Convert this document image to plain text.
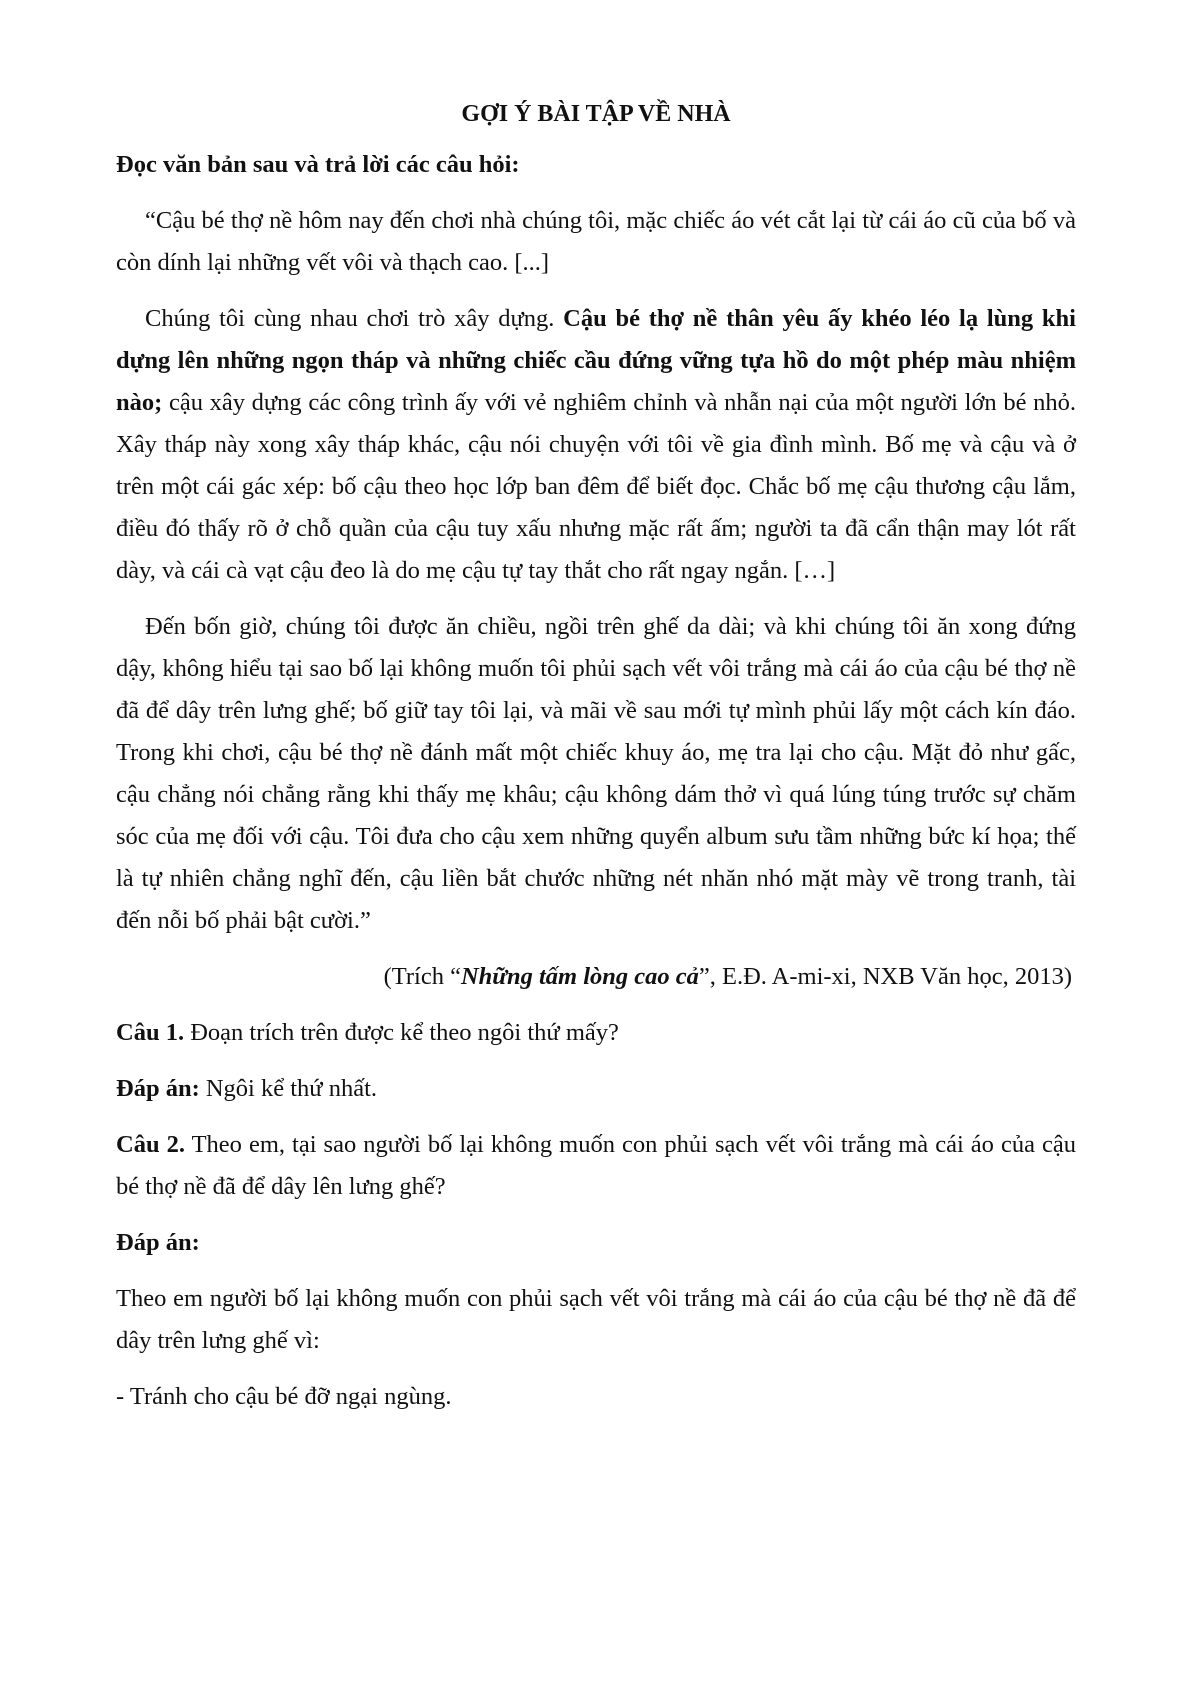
GỢI Ý BÀI TẬP VỀ NHÀ
Đọc văn bản sau và trả lời các câu hỏi:
“Cậu bé thợ nề hôm nay đến chơi nhà chúng tôi, mặc chiếc áo vét cắt lại từ cái áo cũ của bố và còn dính lại những vết vôi và thạch cao. [...]
Chúng tôi cùng nhau chơi trò xây dựng. Cậu bé thợ nề thân yêu ấy khéo léo lạ lùng khi dựng lên những ngọn tháp và những chiếc cầu đứng vững tựa hồ do một phép màu nhiệm nào; cậu xây dựng các công trình ấy với vẻ nghiêm chỉnh và nhẫn nại của một người lớn bé nhỏ. Xây tháp này xong xây tháp khác, cậu nói chuyện với tôi về gia đình mình. Bố mẹ và cậu và ở trên một cái gác xép: bố cậu theo học lớp ban đêm để biết đọc. Chắc bố mẹ cậu thương cậu lắm, điều đó thấy rõ ở chỗ quần của cậu tuy xấu nhưng mặc rất ấm; người ta đã cẩn thận may lót rất dày, và cái cà vạt cậu đeo là do mẹ cậu tự tay thắt cho rất ngay ngắn. […]
Đến bốn giờ, chúng tôi được ăn chiều, ngồi trên ghế da dài; và khi chúng tôi ăn xong đứng dậy, không hiểu tại sao bố lại không muốn tôi phủi sạch vết vôi trắng mà cái áo của cậu bé thợ nề đã để dây trên lưng ghế; bố giữ tay tôi lại, và mãi về sau mới tự mình phủi lấy một cách kín đáo. Trong khi chơi, cậu bé thợ nề đánh mất một chiếc khuy áo, mẹ tra lại cho cậu. Mặt đỏ như gấc, cậu chẳng nói chẳng rằng khi thấy mẹ khâu; cậu không dám thở vì quá lúng túng trước sự chăm sóc của mẹ đối với cậu. Tôi đưa cho cậu xem những quyển album sưu tầm những bức kí họa; thế là tự nhiên chẳng nghĩ đến, cậu liền bắt chước những nét nhăn nhó mặt mày vẽ trong tranh, tài đến nỗi bố phải bật cười.”
(Trích “Những tấm lòng cao cả”, E.Đ. A-mi-xi, NXB Văn học, 2013)
Câu 1. Đoạn trích trên được kể theo ngôi thứ mấy?
Đáp án: Ngôi kể thứ nhất.
Câu 2. Theo em, tại sao người bố lại không muốn con phủi sạch vết vôi trắng mà cái áo của cậu bé thợ nề đã để dây lên lưng ghế?
Đáp án:
Theo em người bố lại không muốn con phủi sạch vết vôi trắng mà cái áo của cậu bé thợ nề đã để dây trên lưng ghế vì:
- Tránh cho cậu bé đỡ ngại ngùng.
